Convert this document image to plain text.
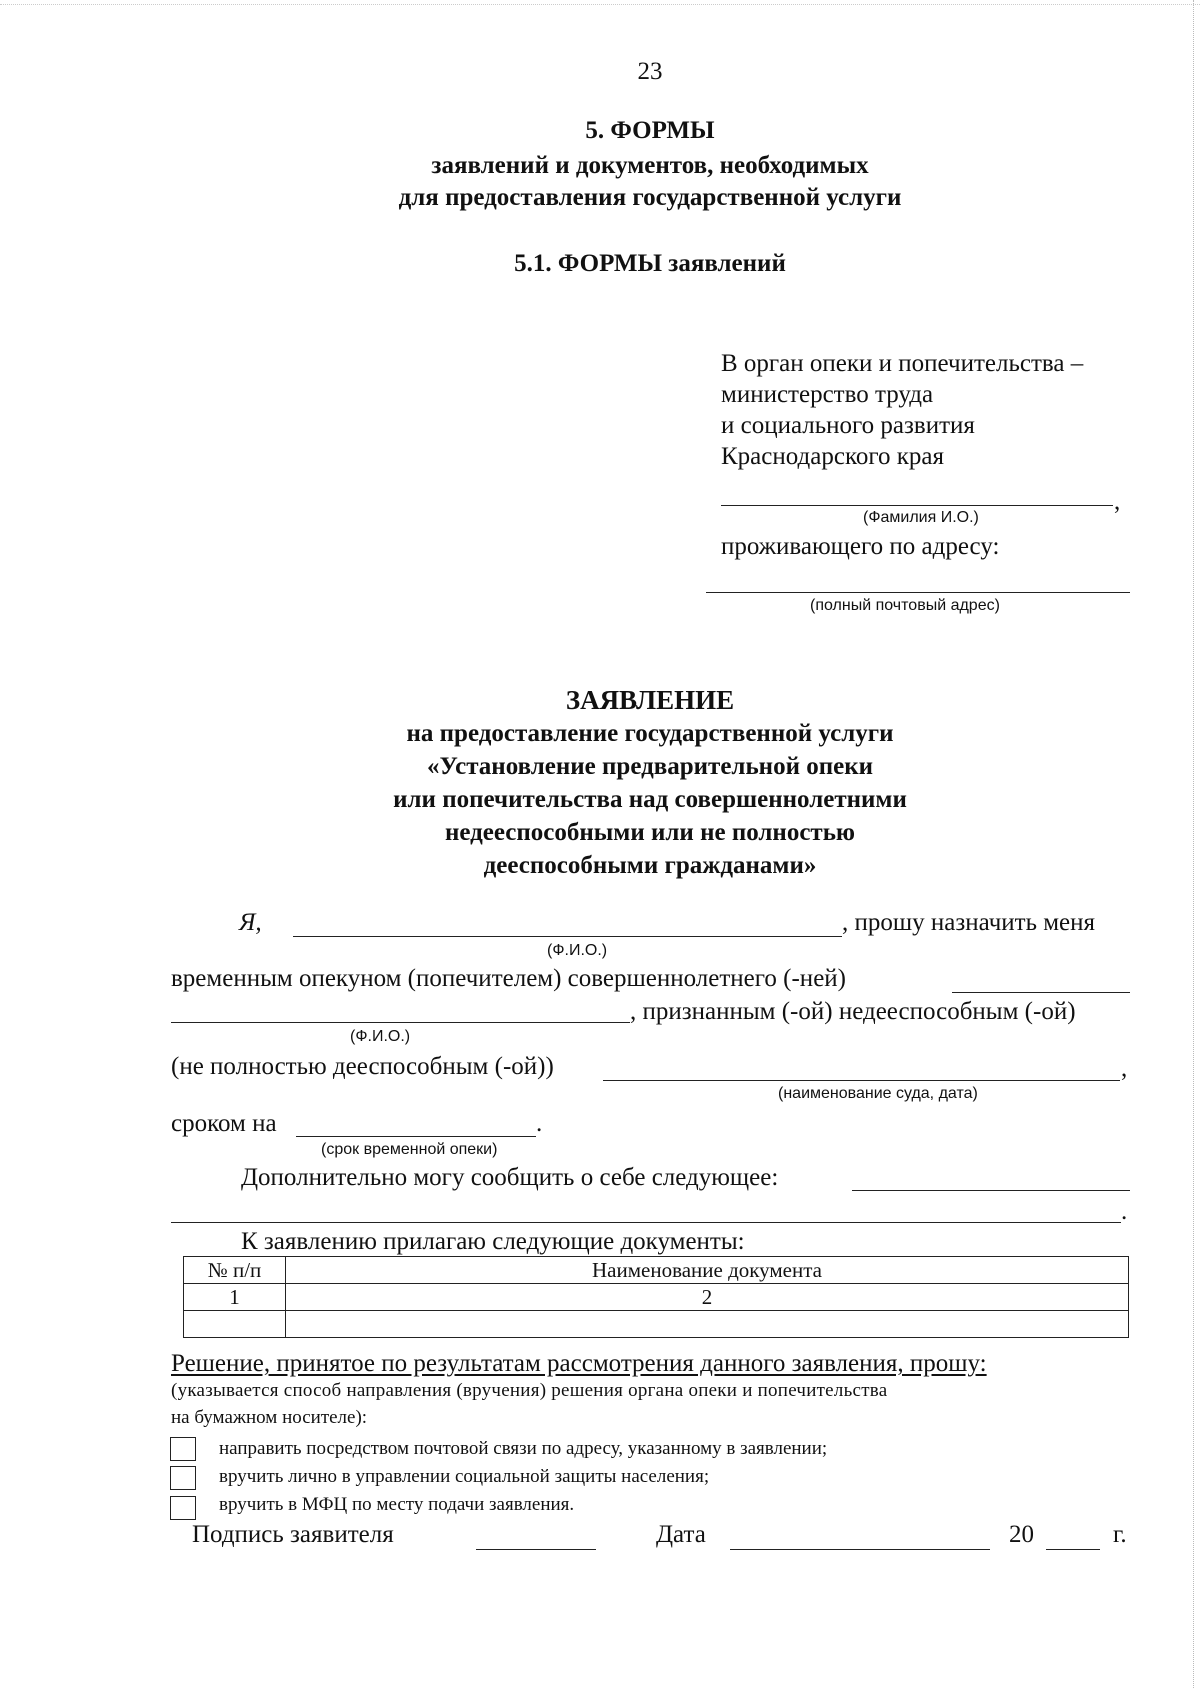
23
5. ФОРМЫ
заявлений и документов, необходимых
для предоставления государственной услуги
5.1. ФОРМЫ заявлений
В орган опеки и попечительства –
министерство труда
и социального развития
Краснодарского края
,
(Фамилия И.О.)
проживающего по адресу:
(полный почтовый адрес)
ЗАЯВЛЕНИЕ
на предоставление государственной услуги
«Установление предварительной опеки
или попечительства над совершеннолетними
недееспособными или не полностью
дееспособными гражданами»
Я,	, прошу назначить меня
(Ф.И.О.)
временным опекуном (попечителем) совершеннолетнего (-ней)
, признанным (-ой) недееспособным (-ой)
(Ф.И.О.)
(не полностью дееспособным (-ой))	,
(наименование суда, дата)
сроком на	.
(срок временной опеки)
Дополнительно могу сообщить о себе следующее:
.
К заявлению прилагаю следующие документы:
№ п/п	Наименование документа
1	2

Решение, принятое по результатам рассмотрения данного заявления, прошу:
(указывается способ направления (вручения) решения органа опеки и попечительства
на бумажном носителе):
направить посредством почтовой связи по адресу, указанному в заявлении;
вручить лично в управлении социальной защиты населения;
вручить в МФЦ по месту подачи заявления.
Подпись заявителя	Дата	20	г.
